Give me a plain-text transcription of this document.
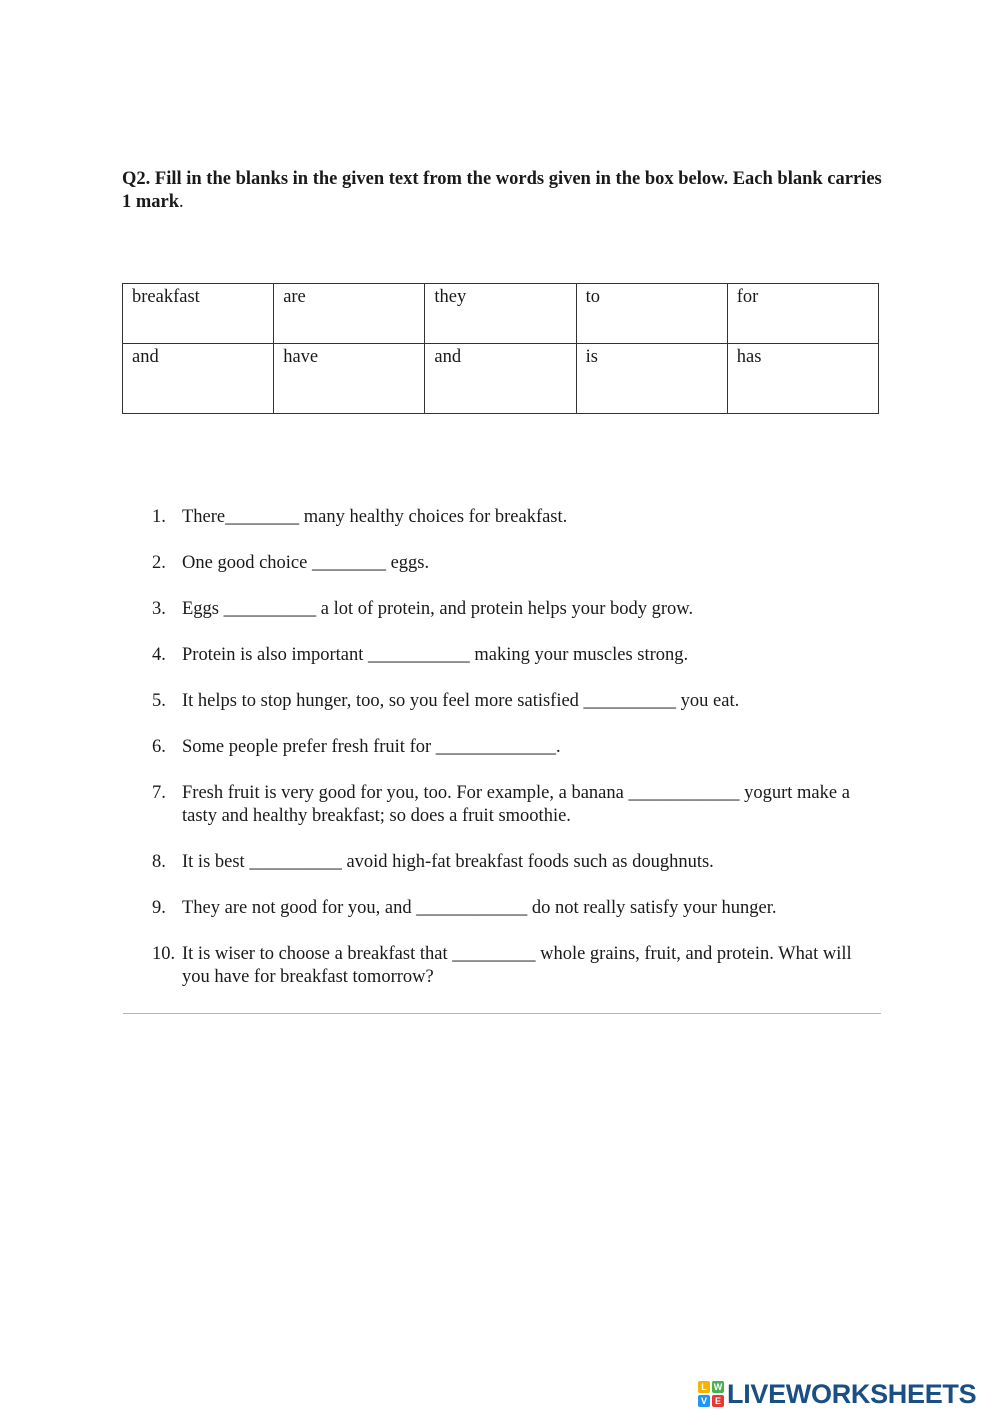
Q2. Fill in the blanks in the given text from the words given in the box below. Each blank carries 1 mark.
breakfast	are	they	to	for
and	have	and	is	has
1. There________ many healthy choices for breakfast.
2. One good choice ________ eggs.
3. Eggs __________ a lot of protein, and protein helps your body grow.
4. Protein is also important ___________ making your muscles strong.
5. It helps to stop hunger, too, so you feel more satisfied __________ you eat.
6. Some people prefer fresh fruit for _____________.
7. Fresh fruit is very good for you, too. For example, a banana ____________ yogurt make a tasty and healthy breakfast; so does a fruit smoothie.
8. It is best __________ avoid high-fat breakfast foods such as doughnuts.
9. They are not good for you, and ____________ do not really satisfy your hunger.
10. It is wiser to choose a breakfast that _________ whole grains, fruit, and protein. What will you have for breakfast tomorrow?
L W
V E LIVEWORKSHEETS
